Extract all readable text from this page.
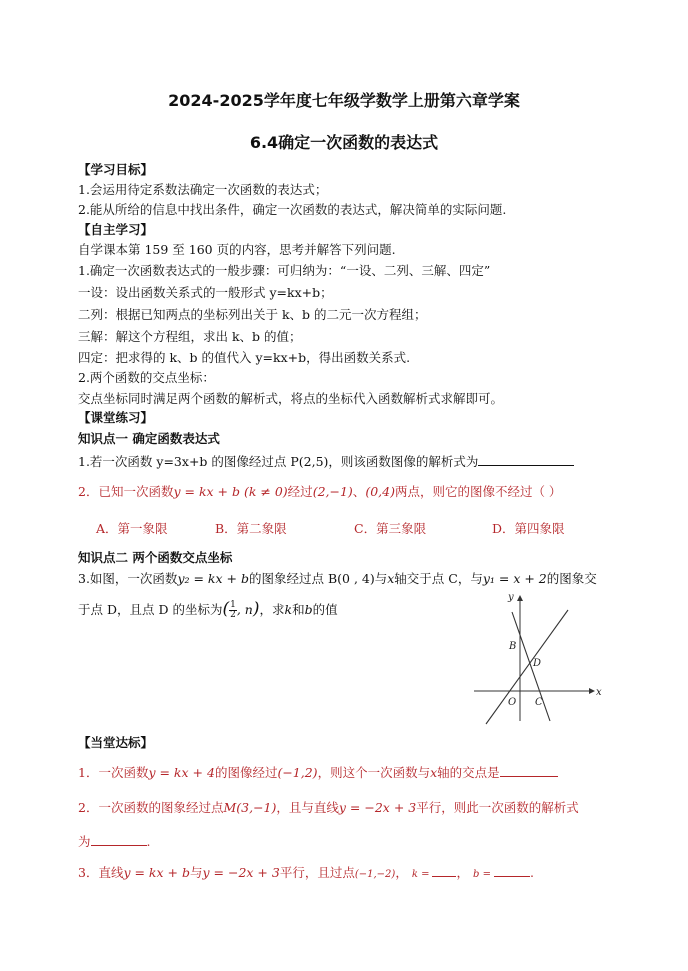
2024-2025学年度七年级学数学上册第六章学案
6.4确定一次函数的表达式
【学习目标】
1.会运用待定系数法确定一次函数的表达式；
2.能从所给的信息中找出条件，确定一次函数的表达式，解决简单的实际问题.
【自主学习】
自学课本第 159 至 160 页的内容，思考并解答下列问题.
1.确定一次函数表达式的一般步骤：可归纳为：“一设、二列、三解、四定”
一设：设出函数关系式的一般形式 y=kx+b；
二列：根据已知两点的坐标列出关于 k、b 的二元一次方程组；
三解：解这个方程组，求出 k、b 的值；
四定：把求得的 k、b 的值代入 y=kx+b，得出函数关系式.
2.两个函数的交点坐标：
交点坐标同时满足两个函数的解析式，将点的坐标代入函数解析式求解即可。
【课堂练习】
知识点一 确定函数表达式
1.若一次函数 y=3x+b 的图像经过点 P(2,5)，则该函数图像的解析式为
2．已知一次函数y = kx + b (k ≠ 0)经过(2,−1)、(0,4)两点，则它的图像不经过（ ）
A．第一象限	B．第二象限	C．第三象限	D．第四象限
知识点二 两个函数交点坐标
3.如图，一次函数y₂ = kx + b的图象经过点 B(0 , 4)与x轴交于点 C，与y₁ = x + 2的图象交
于点 D，且点 D 的坐标为( $\frac{1}{2}$ , n)，求k和b的值
y
x
B
D
O C
【当堂达标】
1．一次函数y = kx + 4的图像经过(−1,2)，则这个一次函数与x轴的交点是
2．一次函数的图象经过点M(3,−1)，且与直线y = −2x + 3平行，则此一次函数的解析式
为	.
3．直线y = kx + b与y = −2x + 3平行，且过点(−1,−2)， k = ， b =	.
